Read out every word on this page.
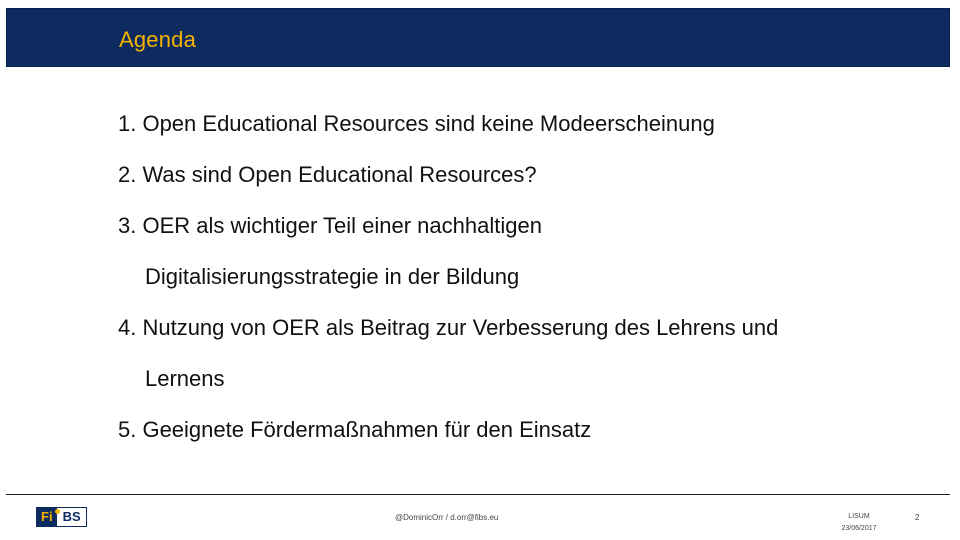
Agenda
1. Open Educational Resources sind keine Modeerscheinung
2. Was sind Open Educational Resources?
3. OER als wichtiger Teil einer nachhaltigen
Digitalisierungsstrategie in der Bildung
4. Nutzung von OER als Beitrag zur Verbesserung des Lehrens und
Lernens
5. Geeignete Fördermaßnahmen für den Einsatz
Fi BS	@DominicOrr / d.orr@fibs.eu	LISUM
23/06/2017
2
